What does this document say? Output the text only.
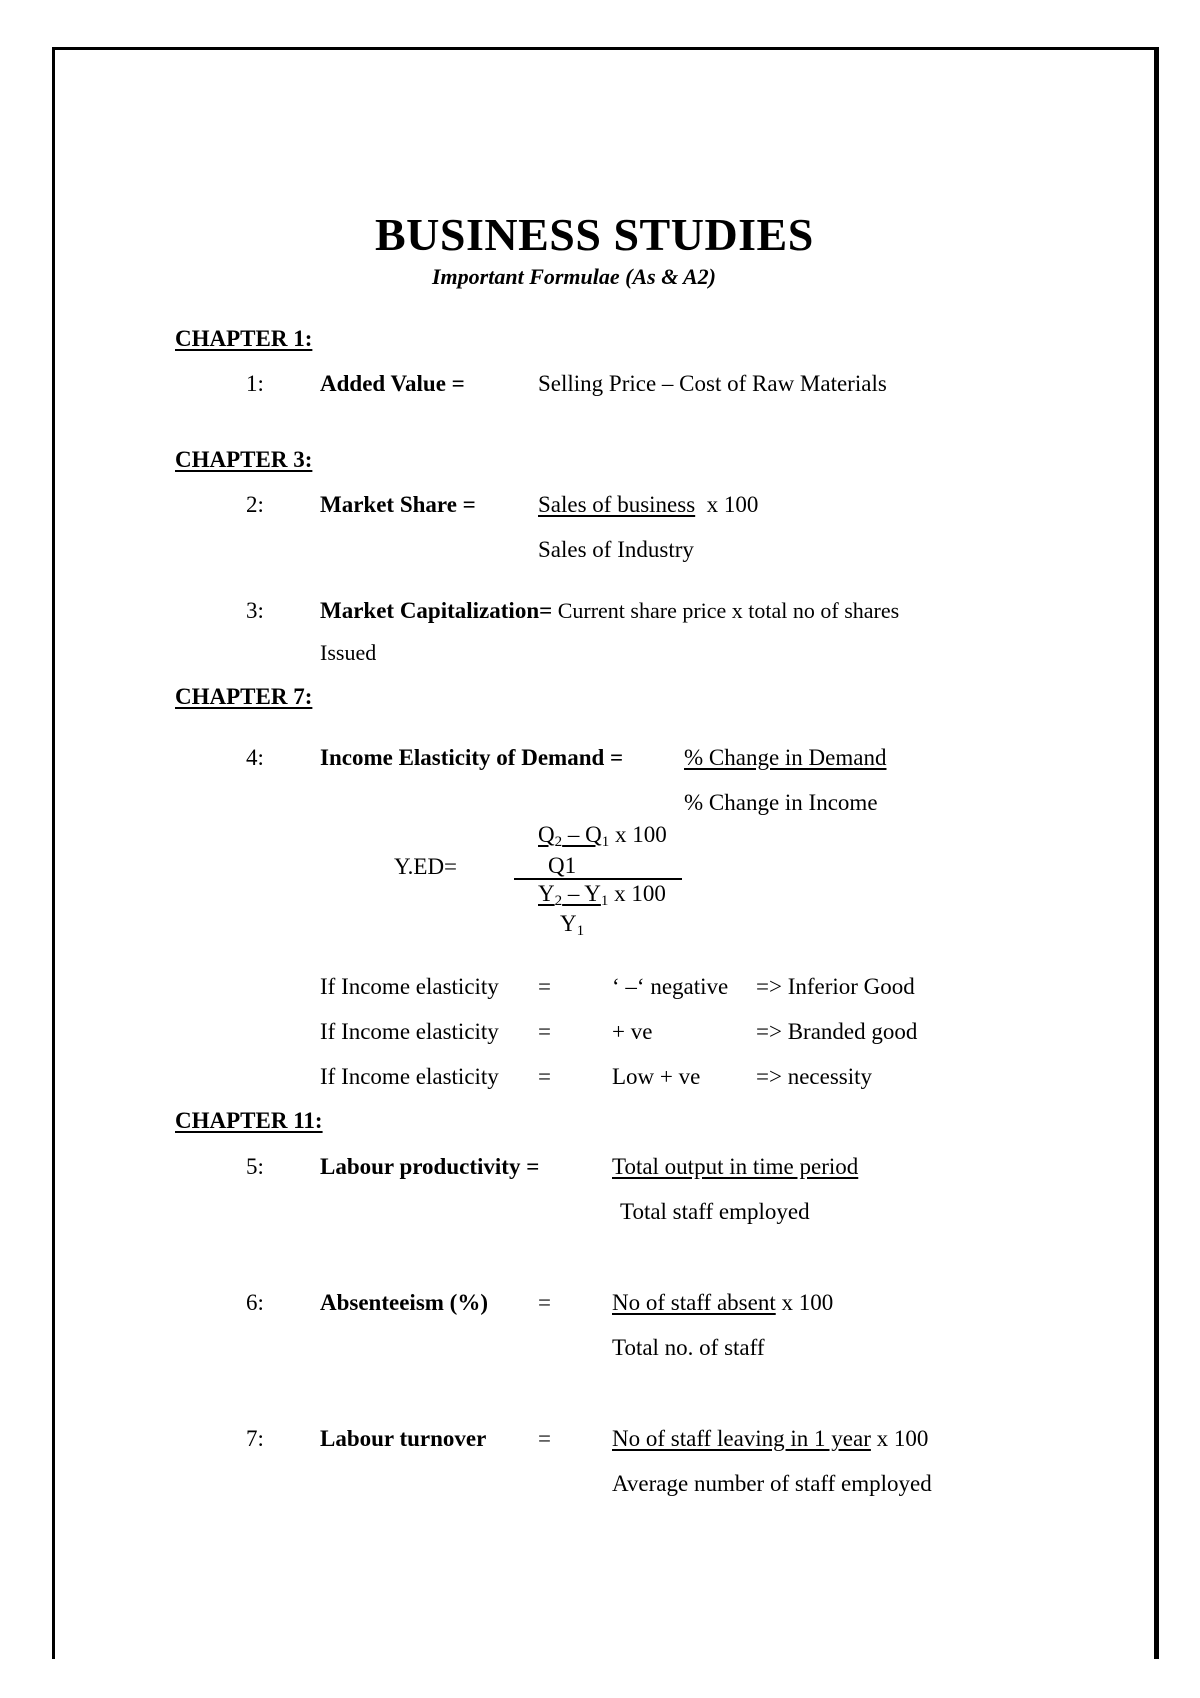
BUSINESS STUDIES
Important Formulae (As & A2)
CHAPTER 1:
1: Added Value =	Selling Price – Cost of Raw Materials
CHAPTER 3:
2: Market Share =	Sales of business x 100
Sales of Industry
3: Market Capitalization= Current share price x total no of shares
Issued
CHAPTER 7:
4: Income Elasticity of Demand =	% Change in Demand
% Change in Income
Y.ED=
$Q_2 - Q_1$ x 100
Q1
$Y_2 - Y_1$ x 100
$Y_1$
If Income elasticity =	‘ –‘ negative => Inferior Good
If Income elasticity =	+ ve	=> Branded good
If Income elasticity =	Low + ve => necessity
CHAPTER 11:
5: Labour productivity =	Total output in time period
Total staff employed
6: Absenteeism (%) =	No of staff absent x 100
Total no. of staff
7: Labour turnover =	No of staff leaving in 1 year x 100
Average number of staff employed
